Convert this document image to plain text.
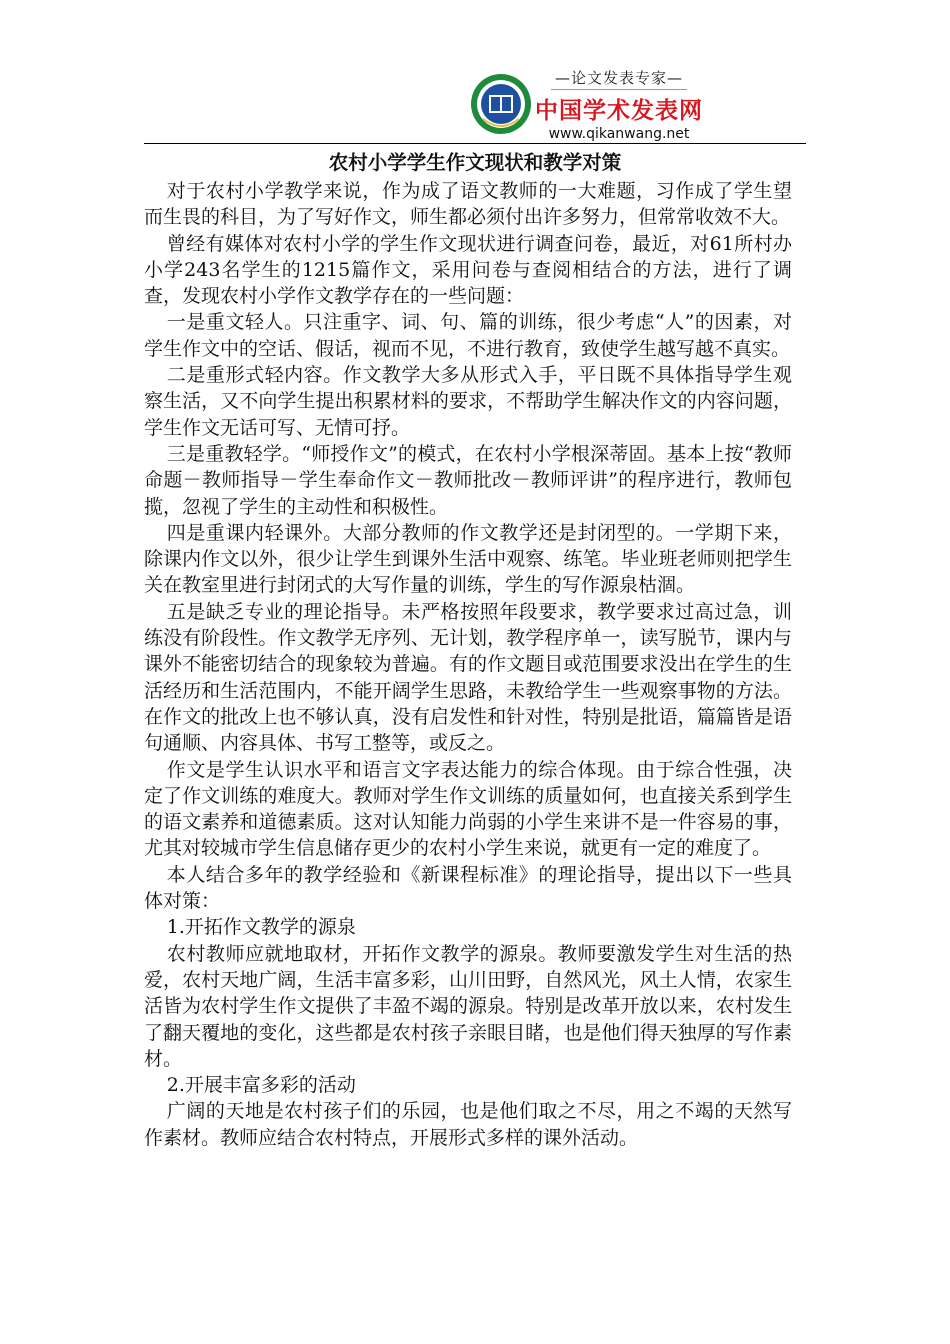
—论文发表专家—
中国学术发表网
www.qikanwang.net
农村小学学生作文现状和教学对策

对于农村小学教学来说，作为成了语文教师的一大难题，习作成了学生望而生畏的科目，为了写好作文，师生都必须付出许多努力，但常常收效不大。

曾经有媒体对农村小学的学生作文现状进行调查问卷，最近，对61所村办小学243名学生的1215篇作文，采用问卷与查阅相结合的方法，进行了调查，发现农村小学作文教学存在的一些问题：

一是重文轻人。只注重字、词、句、篇的训练，很少考虑“人”的因素，对学生作文中的空话、假话，视而不见，不进行教育，致使学生越写越不真实。

二是重形式轻内容。作文教学大多从形式入手，平日既不具体指导学生观察生活，又不向学生提出积累材料的要求，不帮助学生解决作文的内容问题，学生作文无话可写、无情可抒。

三是重教轻学。“师授作文”的模式，在农村小学根深蒂固。基本上按“教师命题－教师指导－学生奉命作文－教师批改－教师评讲”的程序进行，教师包揽，忽视了学生的主动性和积极性。

四是重课内轻课外。大部分教师的作文教学还是封闭型的。一学期下来，除课内作文以外，很少让学生到课外生活中观察、练笔。毕业班老师则把学生关在教室里进行封闭式的大写作量的训练，学生的写作源泉枯涸。

五是缺乏专业的理论指导。未严格按照年段要求，教学要求过高过急，训练没有阶段性。作文教学无序列、无计划，教学程序单一，读写脱节，课内与课外不能密切结合的现象较为普遍。有的作文题目或范围要求没出在学生的生活经历和生活范围内，不能开阔学生思路，未教给学生一些观察事物的方法。在作文的批改上也不够认真，没有启发性和针对性，特别是批语，篇篇皆是语句通顺、内容具体、书写工整等，或反之。

作文是学生认识水平和语言文字表达能力的综合体现。由于综合性强，决定了作文训练的难度大。教师对学生作文训练的质量如何，也直接关系到学生的语文素养和道德素质。这对认知能力尚弱的小学生来讲不是一件容易的事，尤其对较城市学生信息储存更少的农村小学生来说，就更有一定的难度了。

本人结合多年的教学经验和《新课程标准》的理论指导，提出以下一些具体对策：

1.开拓作文教学的源泉

农村教师应就地取材，开拓作文教学的源泉。教师要激发学生对生活的热爱，农村天地广阔，生活丰富多彩，山川田野，自然风光，风土人情，农家生活皆为农村学生作文提供了丰盈不竭的源泉。特别是改革开放以来，农村发生了翻天覆地的变化，这些都是农村孩子亲眼目睹，也是他们得天独厚的写作素材。

2.开展丰富多彩的活动

广阔的天地是农村孩子们的乐园，也是他们取之不尽，用之不竭的天然写作素材。教师应结合农村特点，开展形式多样的课外活动。
